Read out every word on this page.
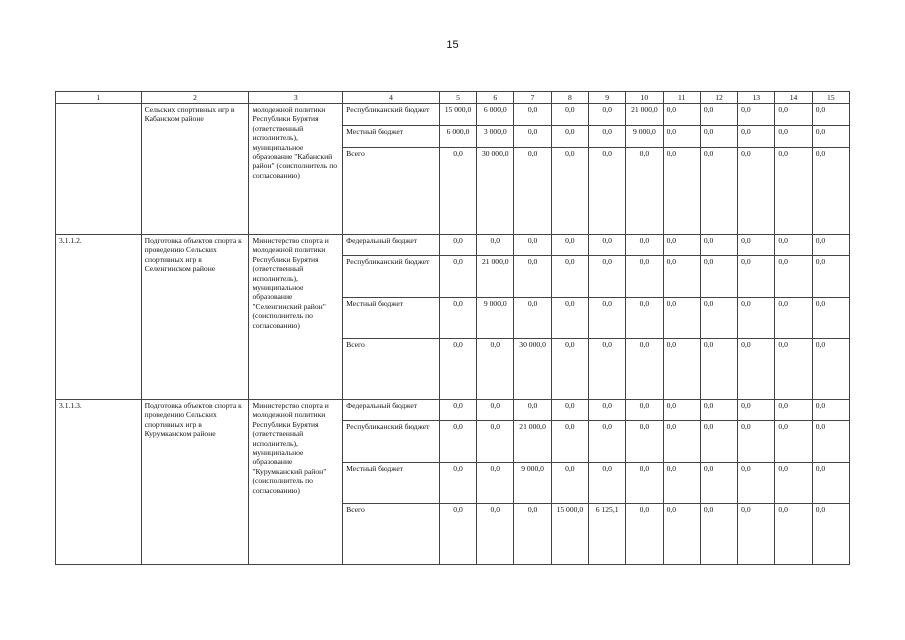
15
1	2	3	4	5	6	7	8	9	10	11	12	13	14	15
	Сельских спортивных игр в Кабанском районе	молодежной политики Республики Бурятия (ответственный исполнитель), муниципальное образование "Кабанский район" (соисполнитель по согласованию)	Республиканский бюджет	15 000,0	6 000,0	0,0	0,0	0,0	21 000,0	0,0	0,0	0,0	0,0	0,0
			Местный бюджет	6 000,0	3 000,0	0,0	0,0	0,0	9 000,0	0,0	0,0	0,0	0,0	0,0
			Всего	0,0	30 000,0	0,0	0,0	0,0	0,0	0,0	0,0	0,0	0,0	0,0
3.1.1.2.	Подготовка объектов спорта к проведению Сельских спортивных игр в Селенгинском районе	Министерство спорта и молодежной политики Республики Бурятия (ответственный исполнитель), муниципальное образование "Селенгинский район" (соисполнитель по согласованию)	Федеральный бюджет	0,0	0,0	0,0	0,0	0,0	0,0	0,0	0,0	0,0	0,0	0,0
			Республиканский бюджет	0,0	21 000,0	0,0	0,0	0,0	0,0	0,0	0,0	0,0	0,0	0,0
			Местный бюджет	0,0	9 000,0	0,0	0,0	0,0	0,0	0,0	0,0	0,0	0,0	0,0
			Всего	0,0	0,0	30 000,0	0,0	0,0	0,0	0,0	0,0	0,0	0,0	0,0
3.1.1.3.	Подготовка объектов спорта к проведению Сельских спортивных игр в Курумканском районе	Министерство спорта и молодежной политики Республики Бурятия (ответственный исполнитель), муниципальное образование "Курумканский район" (соисполнитель по согласованию)	Федеральный бюджет	0,0	0,0	0,0	0,0	0,0	0,0	0,0	0,0	0,0	0,0	0,0
			Республиканский бюджет	0,0	0,0	21 000,0	0,0	0,0	0,0	0,0	0,0	0,0	0,0	0,0
			Местный бюджет	0,0	0,0	9 000,0	0,0	0,0	0,0	0,0	0,0	0,0	0,0	0,0
			Всего	0,0	0,0	0,0	15 000,0	6 125,1	0,0	0,0	0,0	0,0	0,0	0,0
